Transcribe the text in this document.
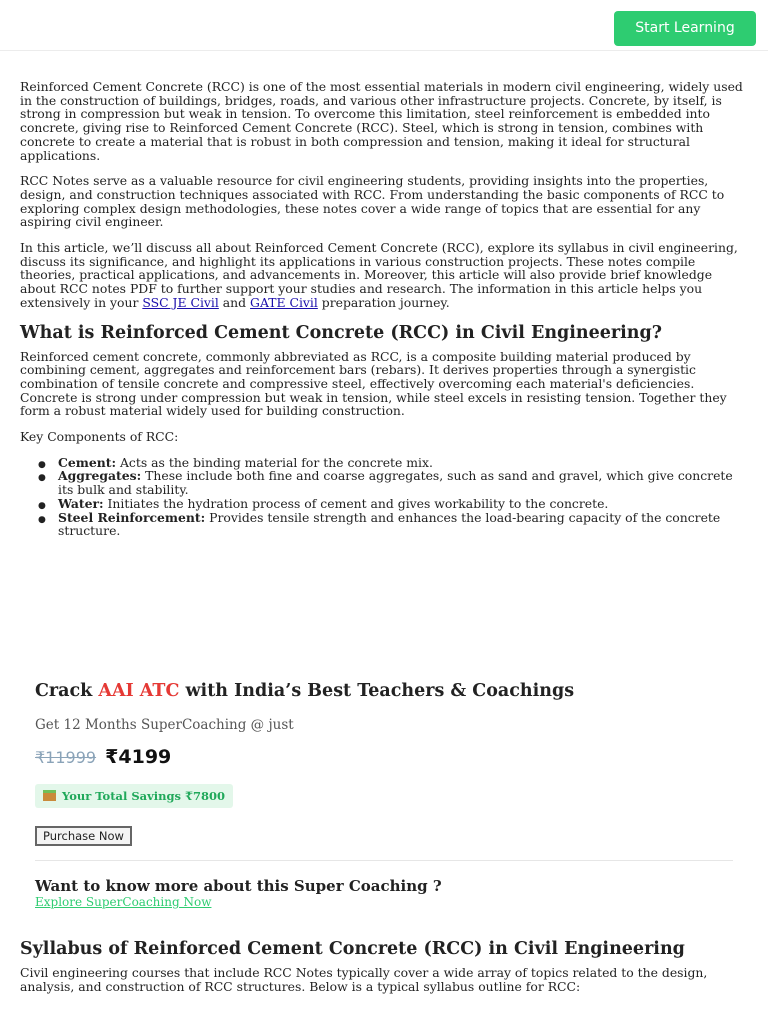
Start Learning

Reinforced Cement Concrete (RCC) is one of the most essential materials in modern civil engineering, widely used in the construction of buildings, bridges, roads, and various other infrastructure projects. Concrete, by itself, is strong in compression but weak in tension. To overcome this limitation, steel reinforcement is embedded into concrete, giving rise to Reinforced Cement Concrete (RCC). Steel, which is strong in tension, combines with concrete to create a material that is robust in both compression and tension, making it ideal for structural applications.

RCC Notes serve as a valuable resource for civil engineering students, providing insights into the properties, design, and construction techniques associated with RCC. From understanding the basic components of RCC to exploring complex design methodologies, these notes cover a wide range of topics that are essential for any aspiring civil engineer.

In this article, we’ll discuss all about Reinforced Cement Concrete (RCC), explore its syllabus in civil engineering, discuss its significance, and highlight its applications in various construction projects. These notes compile theories, practical applications, and advancements in. Moreover, this article will also provide brief knowledge about RCC notes PDF to further support your studies and research. The information in this article helps you extensively in your SSC JE Civil and GATE Civil preparation journey.

What is Reinforced Cement Concrete (RCC) in Civil Engineering?

Reinforced cement concrete, commonly abbreviated as RCC, is a composite building material produced by combining cement, aggregates and reinforcement bars (rebars). It derives properties through a synergistic combination of tensile concrete and compressive steel, effectively overcoming each material's deficiencies. Concrete is strong under compression but weak in tension, while steel excels in resisting tension. Together they form a robust material widely used for building construction.

Key Components of RCC:

● Cement: Acts as the binding material for the concrete mix.
● Aggregates: These include both fine and coarse aggregates, such as sand and gravel, which give concrete its bulk and stability.
● Water: Initiates the hydration process of cement and gives workability to the concrete.
● Steel Reinforcement: Provides tensile strength and enhances the load-bearing capacity of the concrete structure.

Crack AAI ATC with India’s Best Teachers & Coachings

Get 12 Months SuperCoaching @ just

₹11999 ₹4199
Your Total Savings ₹7800
Purchase Now

Want to know more about this Super Coaching ?

Explore SuperCoaching Now
Syllabus of Reinforced Cement Concrete (RCC) in Civil Engineering

Civil engineering courses that include RCC Notes typically cover a wide array of topics related to the design, analysis, and construction of RCC structures. Below is a typical syllabus outline for RCC:
